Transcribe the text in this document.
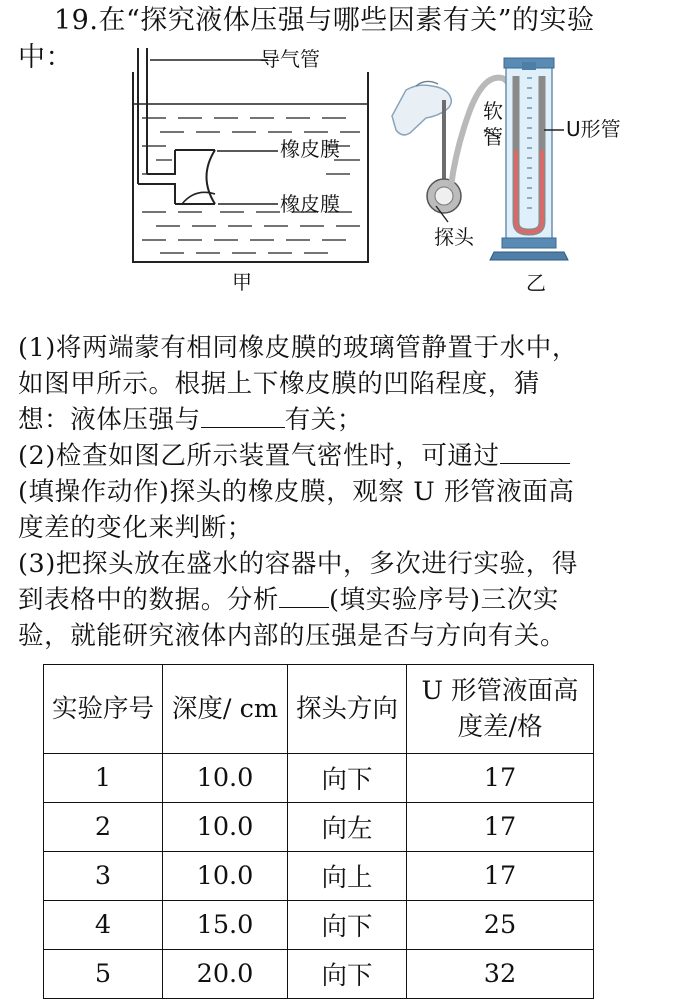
19.在“探究液体压强与哪些因素有关”的实验
中：	导气管
橡皮膜
橡皮膜
甲
软
管	U形管
探头
乙

(1)将两端蒙有相同橡皮膜的玻璃管静置于水中，

如图甲所示。根据上下橡皮膜的凹陷程度，猜

想：液体压强与	有关；

(2)检查如图乙所示装置气密性时，可通过

(填操作动作)探头的橡皮膜，观察 U 形管液面高

度差的变化来判断；

(3)把探头放在盛水的容器中，多次进行实验，得

到表格中的数据。分析 (填实验序号)三次实

验，就能研究液体内部的压强是否与方向有关。

实验序号	深度/ cm	探头方向	U 形管液面高
度差/格
1	10.0	向下	17
2	10.0	向左	17
3	10.0	向上	17
4	15.0	向下	25
5	20.0	向下	32
